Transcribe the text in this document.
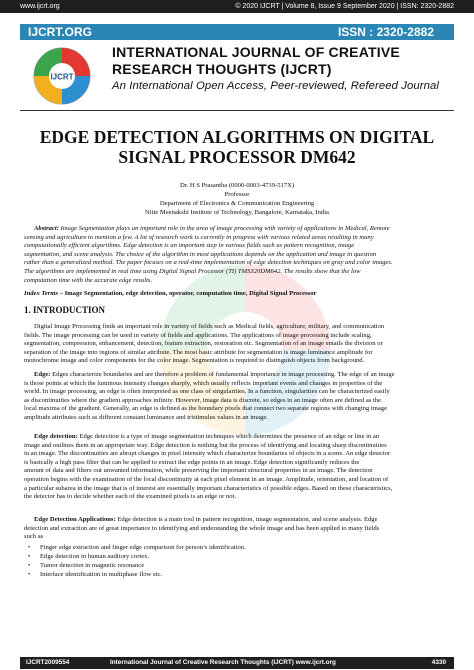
www.ijcrt.org	© 2020 IJCRT | Volume 8, Issue 9 September 2020 | ISSN: 2320-2882
IJCRT.ORG	ISSN : 2320-2882
IJCRT
INTERNATIONAL JOURNAL OF CREATIVE
RESEARCH THOUGHTS (IJCRT)
An International Open Access, Peer-reviewed, Refereed Journal
EDGE DETECTION ALGORITHMS ON DIGITAL
SIGNAL PROCESSOR DM642
Dr. H S Prasantha (0000-0003-4739-517X)
Professor
Department of Electronics & Communication Engineering
Nitte Meenakshi Institute of Technology, Bangalore, Karnataka, India
Abstract: Image Segmentation plays an important role in the area of image processing with variety of applications in Medical, Remote
sensing and agriculture to mention a few. A lot of research work is currently in progress with various related areas resulting in many
computationally efficient algorithms. Edge detection is an important step in various fields such as pattern recognition, image
segmentation, and scene analysis. The choice of the algorithm in most applications depends on the application and image in question
rather than a generalized method. The paper focuses on a real-time implementation of edge detection techniques on gray and color images.
The algorithms are implemented in real time using Digital Signal Processor (TI) TMS320DM642. The results show that the low
computation time with the accurate edge results.
Index Terms – Image Segmentation, edge detection, operator, computation time, Digital Signal Processor
1. INTRODUCTION
Digital Image Processing finds an important role in variety of fields such as Medical fields, agriculture, military, and communication
fields. The image processing can be used in variety of fields and applications. The applications of image processing include scaling,
segmentation, compression, enhancement, detection, feature extraction, restoration etc. Segmentation of an image entails the division or
separation of the image into regions of similar attribute. The most basic attribute for segmentation is image luminance amplitude for
monochrome image and color components for the color image. Segmentation is required to distinguish objects from background.
Edge: Edges characterize boundaries and are therefore a problem of fundamental importance in image processing. The edge of an image
is those points at which the luminous intensity changes sharply, which usually reflects important events and changes in properties of the
world. In image processing, an edge is often interpreted as one class of singularities. In a function, singularities can be characterized easily
as discontinuities where the gradient approaches infinity. However, image data is discrete, so edges in an image often are defined as the
local maxima of the gradient. Generally, an edge is defined as the boundary pixels that connect two separate regions with changing image
amplitude attributes such as different constant luminance and tristimulus values in an image.
Edge detection: Edge detection is a type of image segmentation techniques which determines the presence of an edge or line in an
image and outlines them in an appropriate way. Edge detection is nothing but the process of identifying and locating sharp discontinuities
in an image. The discontinuities are abrupt changes in pixel intensity which characterize boundaries of objects in a scene. An edge detector
is basically a high pass filter that can be applied to extract the edge points in an image. Edge detection significantly reduces the
amount of data and filters out unwanted information, while preserving the important structural properties in an image. The detection
operation begins with the examination of the local discontinuity at each pixel element in an image. Amplitude, orientation, and location of
a particular subarea in the image that is of interest are essentially important characteristics of possible edges. Based on these characteristics,
the detector has to decide whether each of the examined pixels is an edge or not.
Edge Detection Applications: Edge detection is a main tool in pattern recognition, image segmentation, and scene analysis. Edge
detection and extraction are of great importance to identifying and understanding the whole image and has been applied to many fields
such as
• Finger edge extraction and finger edge comparison for person’s identification.
• Edge detection in human auditory cortex.
• Tumor detection in magnetic resonance
• Interface identification in multiphase flow etc.
IJCRT2009554	International Journal of Creative Research Thoughts (IJCRT) www.ijcrt.org	4330
